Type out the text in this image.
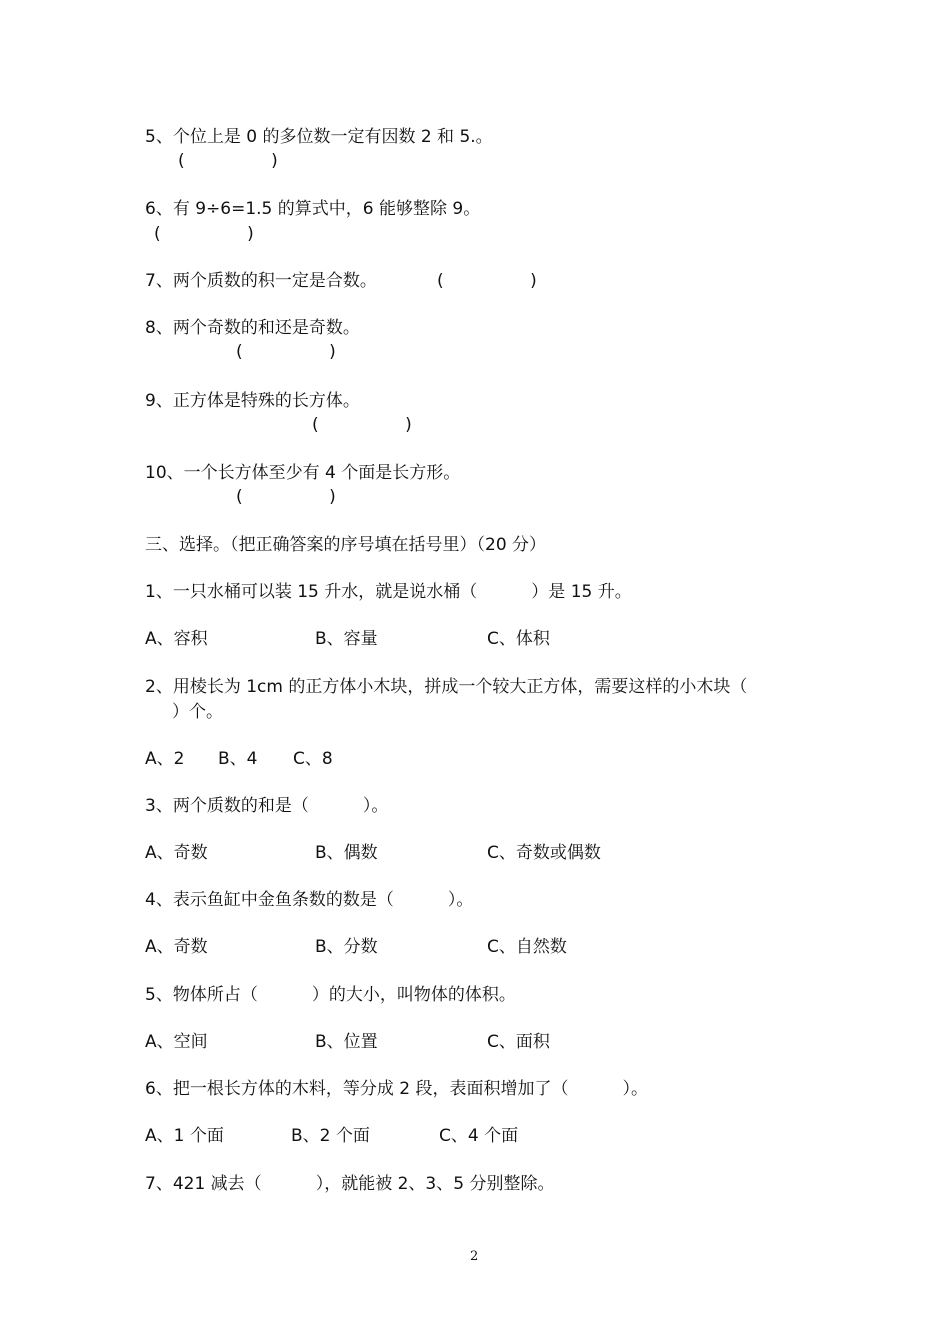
5、个位上是 0 的多位数一定有因数 2 和 5.。
(                )
6、有 9÷6=1.5 的算式中，6 能够整除 9。
(                )
7、两个质数的积一定是合数。	(                )
8、两个奇数的和还是奇数。
(                )
9、正方体是特殊的长方体。
(                )
10、一个长方体至少有 4 个面是长方形。
(                )
三、选择。（把正确答案的序号填在括号里）（20 分）
1、一只水桶可以装 15 升水，就是说水桶（          ）是 15 升。
A、容积	B、容量	C、体积
2、用棱长为 1cm 的正方体小木块，拼成一个较大正方体，需要这样的小木块（
）个。
A、2 B、4 C、8
3、两个质数的和是（          ）。
A、奇数	B、偶数	C、奇数或偶数
4、表示鱼缸中金鱼条数的数是（          ）。
A、奇数	B、分数	C、自然数
5、物体所占（          ）的大小，叫物体的体积。
A、空间	B、位置	C、面积
6、把一根长方体的木料，等分成 2 段，表面积增加了（          ）。
A、1 个面	B、2 个面	C、4 个面
7、421 减去（          ），就能被 2、3、5 分别整除。
2
